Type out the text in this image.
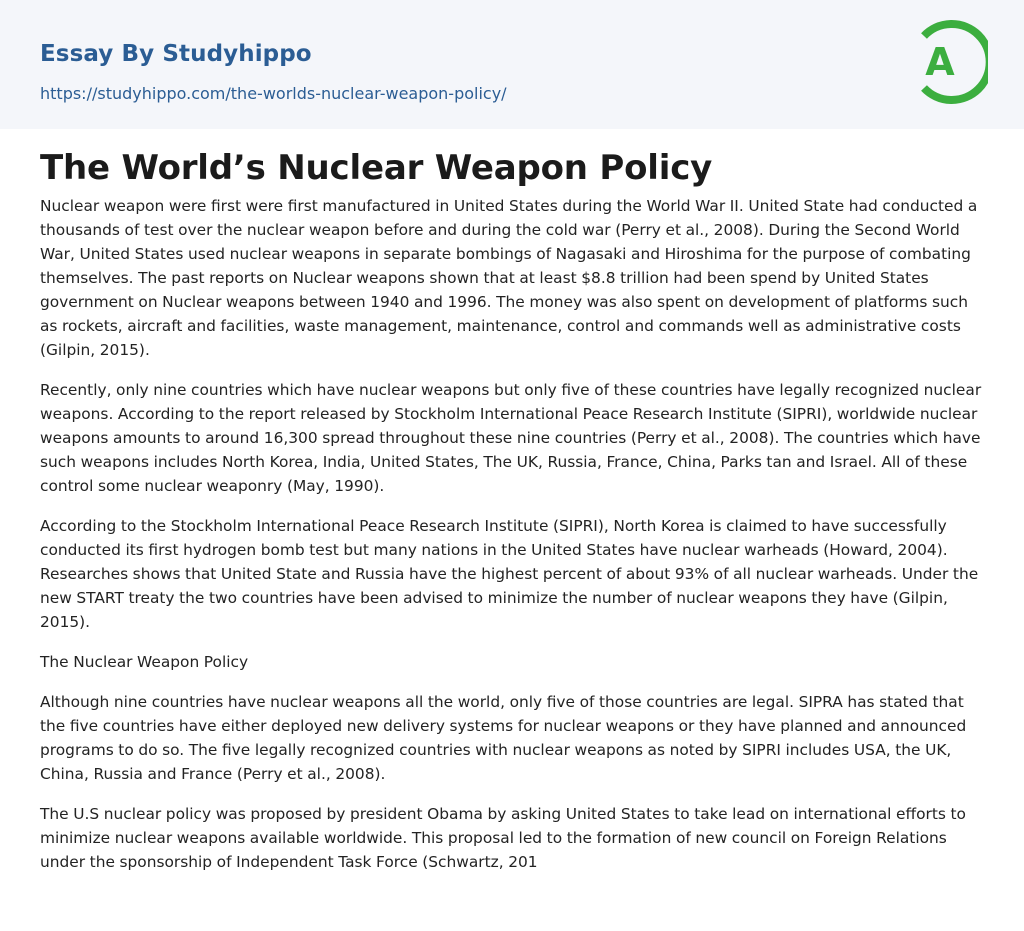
Essay By Studyhippo
https://studyhippo.com/the-worlds-nuclear-weapon-policy/
A
The World’s Nuclear Weapon Policy

Nuclear weapon were first were first manufactured in United States during the World War II. United State had conducted a thousands of test over the nuclear weapon before and during the cold war (Perry et al., 2008). During the Second World War, United States used nuclear weapons in separate bombings of Nagasaki and Hiroshima for the purpose of combating themselves. The past reports on Nuclear weapons shown that at least $8.8 trillion had been spend by United States government on Nuclear weapons between 1940 and 1996. The money was also spent on development of platforms such as rockets, aircraft and facilities, waste management, maintenance, control and commands well as administrative costs (Gilpin, 2015).

Recently, only nine countries which have nuclear weapons but only five of these countries have legally recognized nuclear weapons. According to the report released by Stockholm International Peace Research Institute (SIPRI), worldwide nuclear weapons amounts to around 16,300 spread throughout these nine countries (Perry et al., 2008). The countries which have such weapons includes North Korea, India, United States, The UK, Russia, France, China, Parks tan and Israel. All of these control some nuclear weaponry (May, 1990).

According to the Stockholm International Peace Research Institute (SIPRI), North Korea is claimed to have successfully conducted its first hydrogen bomb test but many nations in the United States have nuclear warheads (Howard, 2004). Researches shows that United State and Russia have the highest percent of about 93% of all nuclear warheads. Under the new START treaty the two countries have been advised to minimize the number of nuclear weapons they have (Gilpin, 2015).

The Nuclear Weapon Policy

Although nine countries have nuclear weapons all the world, only five of those countries are legal. SIPRA has stated that the five countries have either deployed new delivery systems for nuclear weapons or they have planned and announced programs to do so. The five legally recognized countries with nuclear weapons as noted by SIPRI includes USA, the UK, China, Russia and France (Perry et al., 2008).

The U.S nuclear policy was proposed by president Obama by asking United States to take lead on international efforts to minimize nuclear weapons available worldwide. This proposal led to the formation of new council on Foreign Relations under the sponsorship of Independent Task Force (Schwartz, 201
